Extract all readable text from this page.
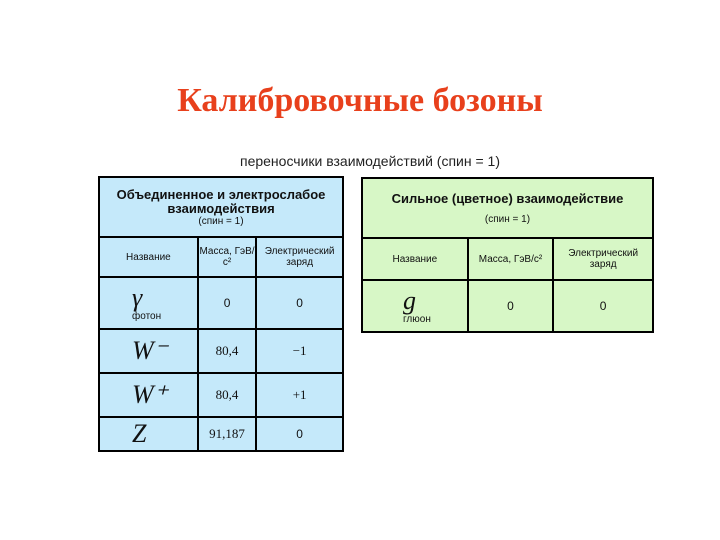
Калибровочные бозоны
переносчики взаимодействий (спин = 1)
Объединенное и электрослабое взаимодействия
(спин = 1)		

Название	Масса, ГэВ/с²	Электрический заряд

γ
фотон	0	0

W⁻	80,4	−1

W⁺	80,4	+1

Z	91,187	0
Сильное (цветное) взаимодействие
(спин = 1)		

Название	Масса, ГэВ/с²	Электрический заряд

g
глюон	0	0
